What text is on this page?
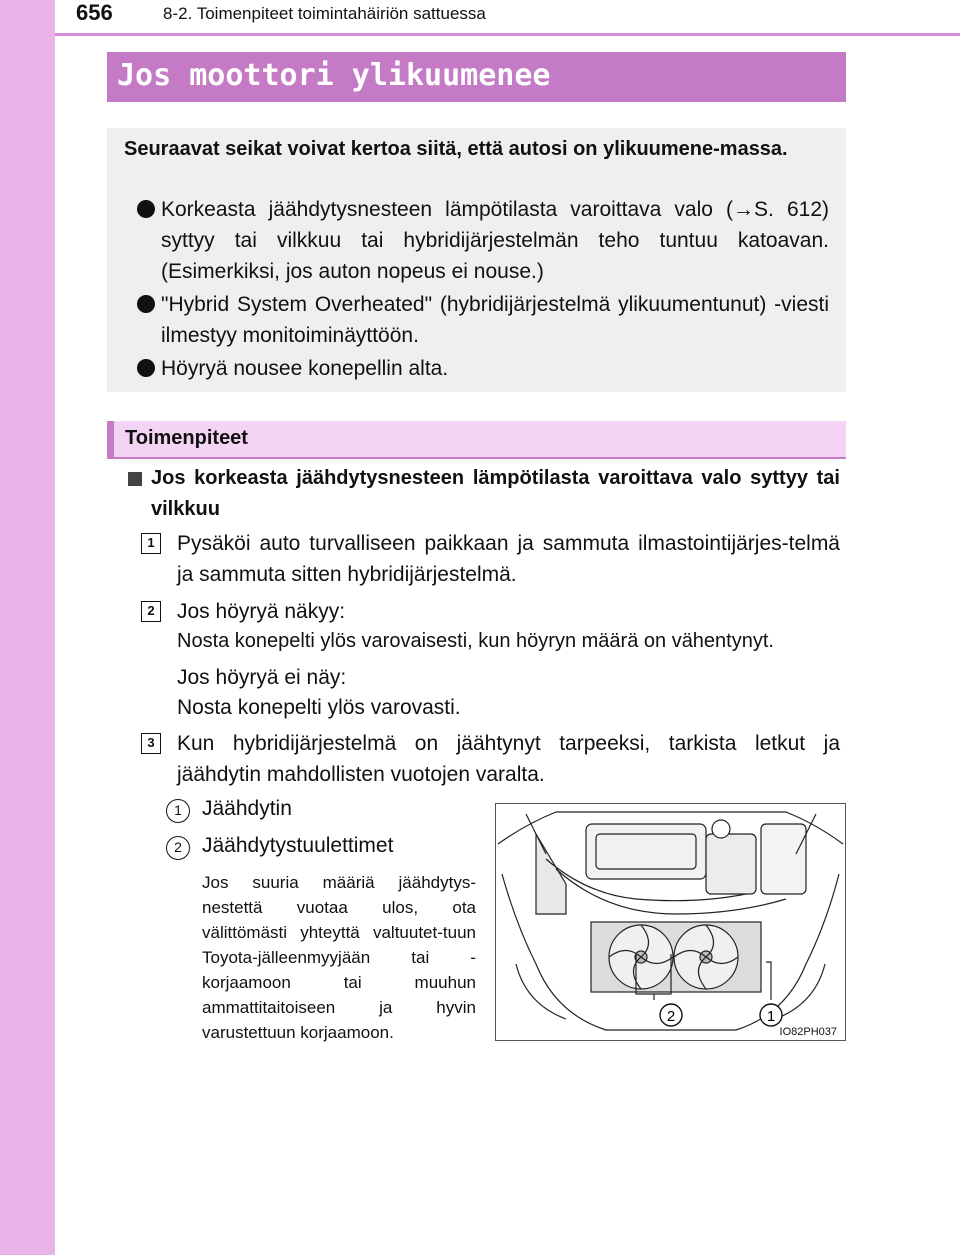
656	8-2. Toimenpiteet toimintahäiriön sattuessa
Jos moottori ylikuumenee
Seuraavat seikat voivat kertoa siitä, että autosi on ylikuumene-massa.
Korkeasta jäähdytysnesteen lämpötilasta varoittava valo (→S. 612) syttyy tai vilkkuu tai hybridijärjestelmän teho tuntuu katoavan. (Esimerkiksi, jos auton nopeus ei nouse.)
"Hybrid System Overheated" (hybridijärjestelmä ylikuumentunut) -viesti ilmestyy monitoiminäyttöön.
Höyryä nousee konepellin alta.
Toimenpiteet
Jos korkeasta jäähdytysnesteen lämpötilasta varoittava valo syttyy tai vilkkuu
1	Pysäköi auto turvalliseen paikkaan ja sammuta ilmastointijärjes-telmä ja sammuta sitten hybridijärjestelmä.
2	Jos höyryä näkyy:
Nosta konepelti ylös varovaisesti, kun höyryn määrä on vähentynyt.
Jos höyryä ei näy:
Nosta konepelti ylös varovasti.
3	Kun hybridijärjestelmä on jäähtynyt tarpeeksi, tarkista letkut ja jäähdytin mahdollisten vuotojen varalta.
1 Jäähdytin
2 Jäähdytystuulettimet
Jos suuria määriä jäähdytys-nestettä vuotaa ulos, ota välittömästi yhteyttä valtuutet-tuun Toyota-jälleenmyyjään tai -korjaamoon tai muuhun ammattitaitoiseen ja hyvin varustettuun korjaamoon.
2	1
IO82PH037
